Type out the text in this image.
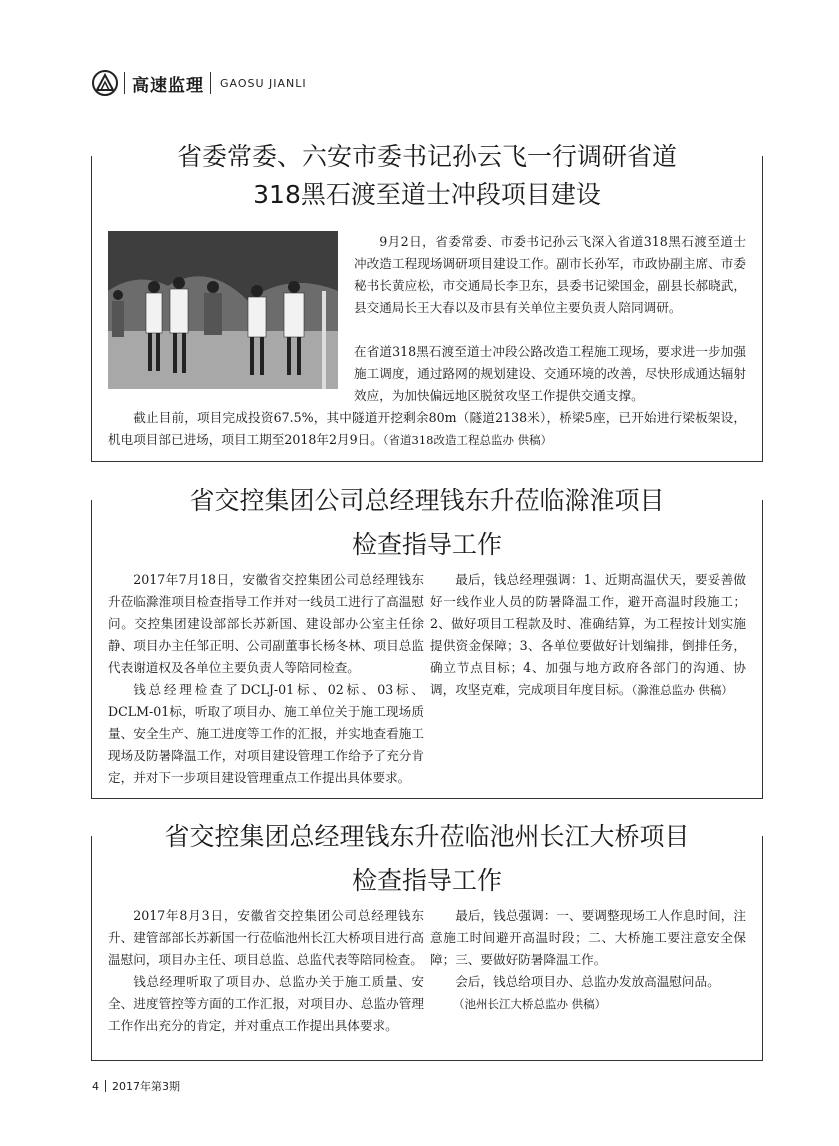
高速监理 GAOSU JIANLI
省委常委、六安市委书记孙云飞一行调研省道
318黑石渡至道士冲段项目建设

9月2日，省委常委、市委书记孙云飞深入省道318黑石渡至道士冲改造工程现场调研项目建设工作。副市长孙军，市政协副主席、市委秘书长黄应松，市交通局长李卫东，县委书记梁国金，副县长郝晓武，县交通局长王大春以及市县有关单位主要负责人陪同调研。

在省道318黑石渡至道士冲段公路改造工程施工现场，要求进一步加强施工调度，通过路网的规划建设、交通环境的改善，尽快形成通达辐射效应，为加快偏远地区脱贫攻坚工作提供交通支撑。

截止目前，项目完成投资67.5%，其中隧道开挖剩余80m（隧道2138米），桥梁5座，已开始进行梁板架设，机电项目部已进场，项目工期至2018年2月9日。（省道318改造工程总监办 供稿）

省交控集团公司总经理钱东升莅临滁淮项目
检查指导工作

2017年7月18日，安徽省交控集团公司总经理钱东升莅临滁淮项目检查指导工作并对一线员工进行了高温慰问。交控集团建设部部长苏新国、建设部办公室主任徐静、项目办主任邹正明、公司副董事长杨冬林、项目总监代表谢道权及各单位主要负责人等陪同检查。

钱总经理检查了DCLJ-01标、02标、03标、DCLM-01标，听取了项目办、施工单位关于施工现场质量、安全生产、施工进度等工作的汇报，并实地查看施工现场及防暑降温工作，对项目建设管理工作给予了充分肯定，并对下一步项目建设管理重点工作提出具体要求。

最后，钱总经理强调：1、近期高温伏天，要妥善做好一线作业人员的防暑降温工作，避开高温时段施工；2、做好项目工程款及时、准确结算，为工程按计划实施提供资金保障；3、各单位要做好计划编排，倒排任务，确立节点目标；4、加强与地方政府各部门的沟通、协调，攻坚克难，完成项目年度目标。（滁淮总监办 供稿）

省交控集团总经理钱东升莅临池州长江大桥项目
检查指导工作

2017年8月3日，安徽省交控集团公司总经理钱东升、建管部部长苏新国一行莅临池州长江大桥项目进行高温慰问，项目办主任、项目总监、总监代表等陪同检查。

钱总经理听取了项目办、总监办关于施工质量、安全、进度管控等方面的工作汇报，对项目办、总监办管理工作作出充分的肯定，并对重点工作提出具体要求。

最后，钱总强调：一、要调整现场工人作息时间，注意施工时间避开高温时段；二、大桥施工要注意安全保障；三、要做好防暑降温工作。

会后，钱总给项目办、总监办发放高温慰问品。

（池州长江大桥总监办 供稿）

4 2017年第3期
